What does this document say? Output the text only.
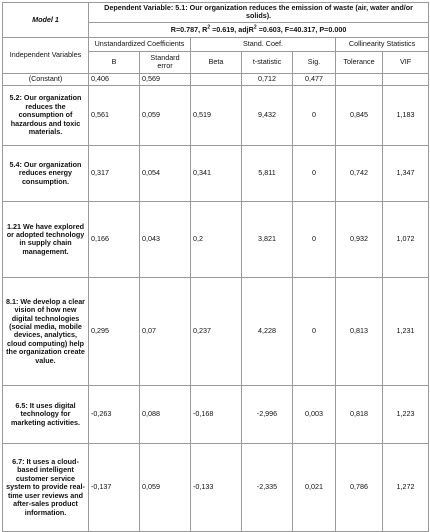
Model 1	Dependent Variable: 5.1: Our organization reduces the emission of waste (air, water and/or solids).						
	R=0.787, $R^2 =0.619$, adjR$^2$ =0.603, F=40.317, P=0.000						
Independent Variables	Unstandardized Coefficients		Stand. Coef.			Collinearity Statistics	
	B	Standard error	Beta	t-statistic	Sig.	Tolerance	VIF
(Constant)	0,406	0,569		0,712	0,477		
5.2: Our organization reduces the consumption of hazardous and toxic materials.	0,561	0,059	0,519	9,432	0	0,845	1,183
5.4: Our organization reduces energy consumption.	0,317	0,054	0,341	5,811	0	0,742	1,347
1.21 We have explored or adopted technology in supply chain management.	0,166	0,043	0,2	3,821	0	0,932	1,072
8.1: We develop a clear vision of how new digital technologies (social media, mobile devices, analytics, cloud computing) help the organization create value.	0,295	0,07	0,237	4,228	0	0,813	1,231
6.5: It uses digital technology for marketing activities.	-0,263	0,088	-0,168	-2,996	0,003	0,818	1,223
6.7: It uses a cloud-based intelligent customer service system to provide real-time user reviews and after-sales product information.	-0,137	0,059	-0,133	-2,335	0,021	0,786	1,272
